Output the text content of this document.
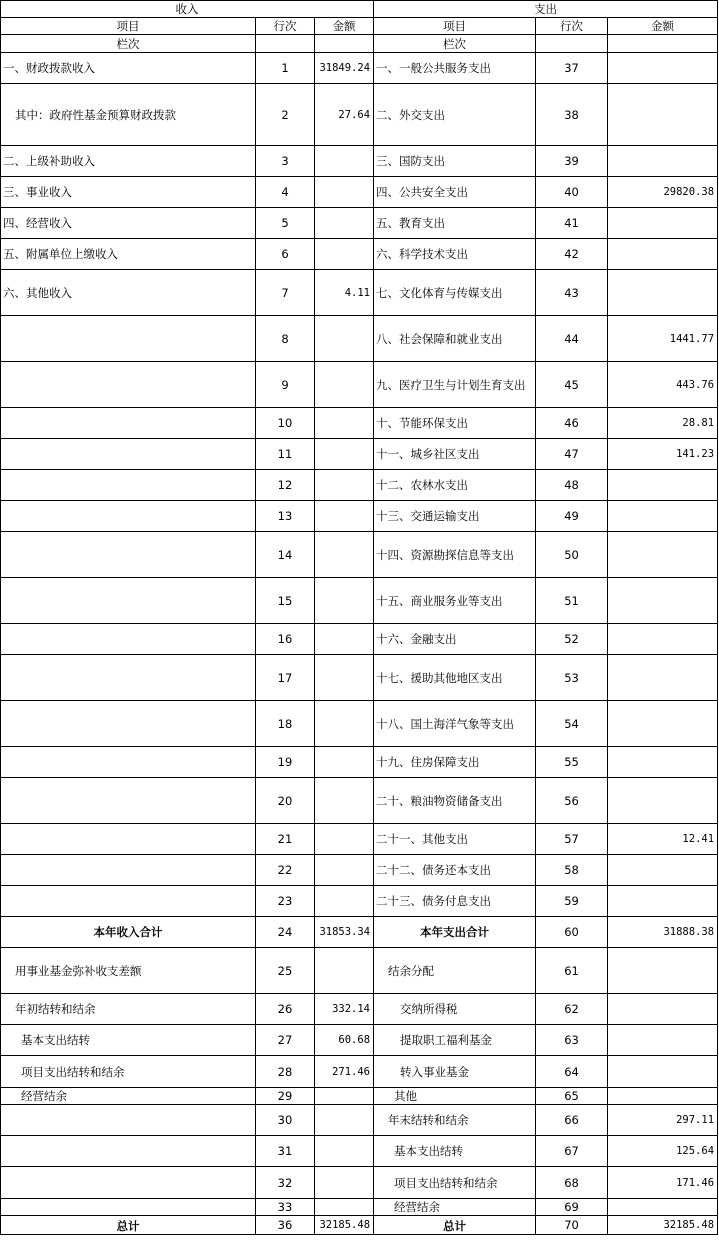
收入			支出		
项目	行次	金额	项目	行次	金额
栏次			栏次		
一、财政拨款收入	1	31849.24	一、一般公共服务支出	37	
其中：政府性基金预算财政拨款	2	27.64	二、外交支出	38	
二、上级补助收入	3		三、国防支出	39	
三、事业收入	4		四、公共安全支出	40	29820.38
四、经营收入	5		五、教育支出	41	
五、附属单位上缴收入	6		六、科学技术支出	42	
六、其他收入	7	4.11	七、文化体育与传媒支出	43	
	8		八、社会保障和就业支出	44	1441.77
	9		九、医疗卫生与计划生育支出	45	443.76
	10		十、节能环保支出	46	28.81
	11		十一、城乡社区支出	47	141.23
	12		十二、农林水支出	48	
	13		十三、交通运输支出	49	
	14		十四、资源勘探信息等支出	50	
	15		十五、商业服务业等支出	51	
	16		十六、金融支出	52	
	17		十七、援助其他地区支出	53	
	18		十八、国土海洋气象等支出	54	
	19		十九、住房保障支出	55	
	20		二十、粮油物资储备支出	56	
	21		二十一、其他支出	57	12.41
	22		二十二、债务还本支出	58	
	23		二十三、债务付息支出	59	
本年收入合计	24	31853.34	本年支出合计	60	31888.38
用事业基金弥补收支差额	25		结余分配	61	
年初结转和结余	26	332.14	交纳所得税	62	
基本支出结转	27	60.68	提取职工福利基金	63	
项目支出结转和结余	28	271.46	转入事业基金	64	
经营结余	29		其他	65	
	30		年末结转和结余	66	297.11
	31		基本支出结转	67	125.64
	32		项目支出结转和结余	68	171.46
	33		经营结余	69	
总计	36	32185.48	总计	70	32185.48
